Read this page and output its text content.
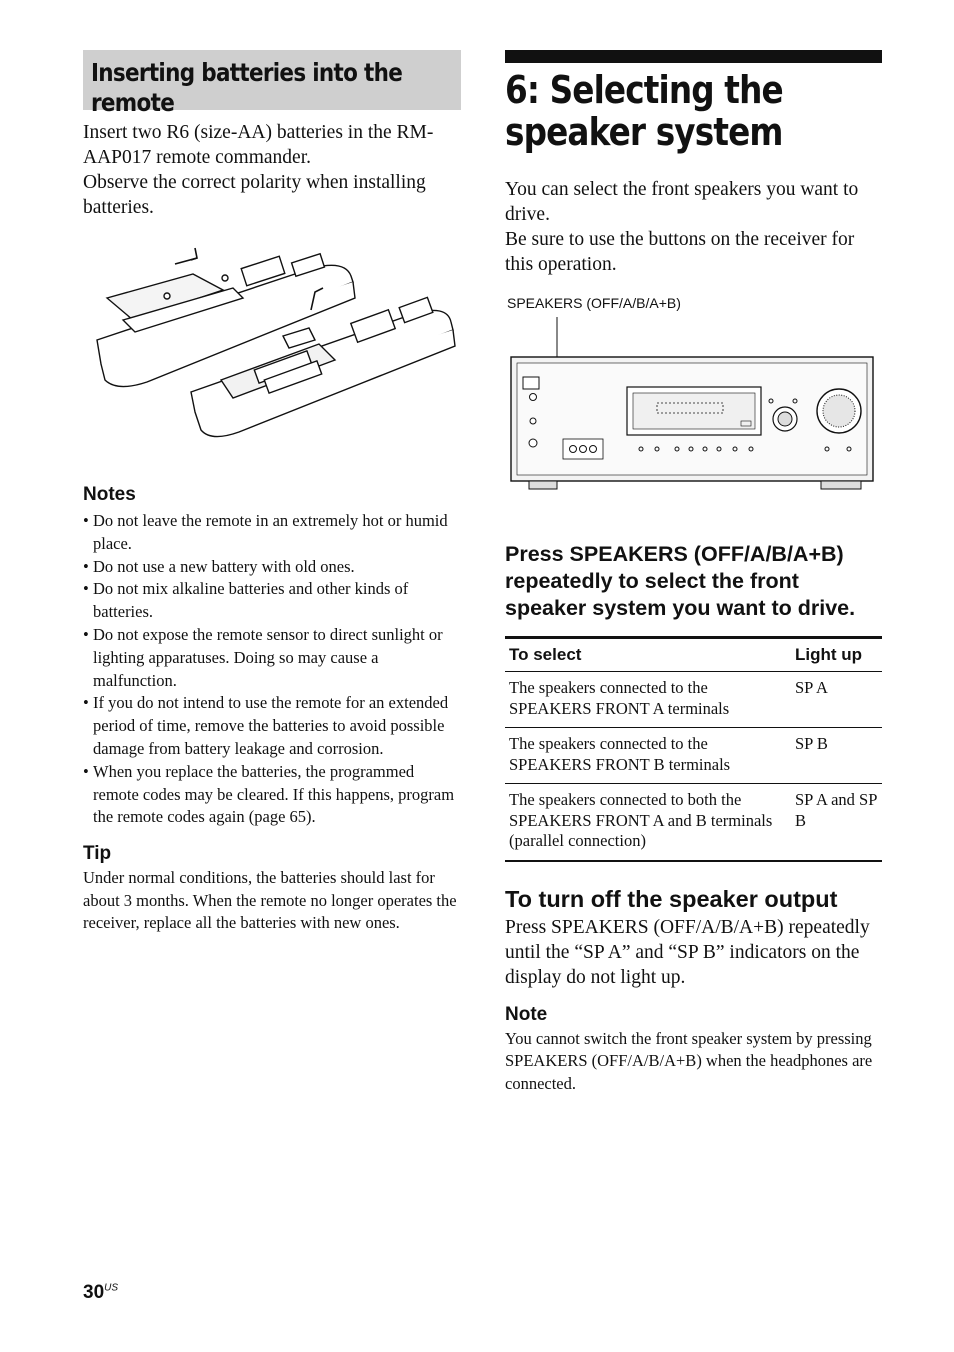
Inserting batteries into the remote

Insert two R6 (size-AA) batteries in the RM-AAP017 remote commander.

Observe the correct polarity when installing batteries.

Notes

• Do not leave the remote in an extremely hot or humid place.
• Do not use a new battery with old ones.
• Do not mix alkaline batteries and other kinds of batteries.
• Do not expose the remote sensor to direct sunlight or lighting apparatuses. Doing so may cause a malfunction.
• If you do not intend to use the remote for an extended period of time, remove the batteries to avoid possible damage from battery leakage and corrosion.
• When you replace the batteries, the programmed remote codes may be cleared. If this happens, program the remote codes again (page 65).

Tip

Under normal conditions, the batteries should last for about 3 months. When the remote no longer operates the receiver, replace all the batteries with new ones.

6: Selecting the speaker system

You can select the front speakers you want to drive.

Be sure to use the buttons on the receiver for this operation.

SPEAKERS (OFF/A/B/A+B)

Press SPEAKERS (OFF/A/B/A+B) repeatedly to select the front speaker system you want to drive.

To select	Light up
The speakers connected to the SPEAKERS FRONT A terminals	SP A
The speakers connected to the SPEAKERS FRONT B terminals	SP B
The speakers connected to both the SPEAKERS FRONT A and B terminals (parallel connection)	SP A and SP B
To turn off the speaker output

Press SPEAKERS (OFF/A/B/A+B) repeatedly until the “SP A” and “SP B” indicators on the display do not light up.

Note

You cannot switch the front speaker system by pressing SPEAKERS (OFF/A/B/A+B) when the headphones are connected.

$30^{US}$
